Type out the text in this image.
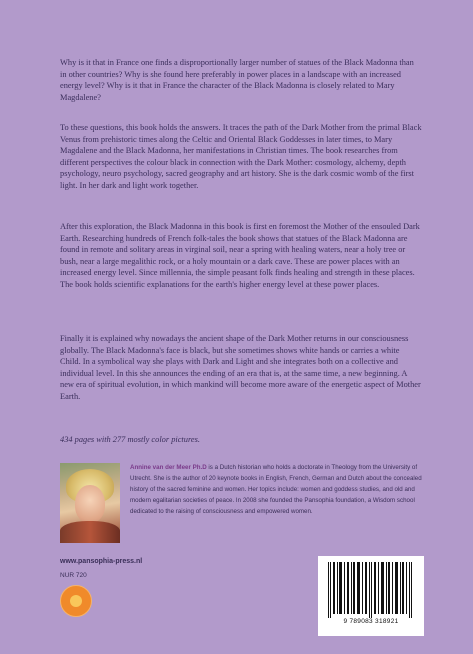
Why is it that in France one finds a disproportionally larger number of statues of the Black Madonna than in other countries? Why is she found here preferably in power places in a landscape with an increased energy level? Why is it that in France the character of the Black Madonna is closely related to Mary Magdalene?

To these questions, this book holds the answers. It traces the path of the Dark Mother from the primal Black Venus from prehistoric times along the Celtic and Oriental Black Goddesses in later times, to Mary Magdalene and the Black Madonna, her manifestations in Christian times. The book researches from different perspectives the colour black in connection with the Dark Mother: cosmology, alchemy, depth psychology, neuro psychology, sacred geography and art history. She is the dark cosmic womb of the first light. In her dark and light work together.

After this exploration, the Black Madonna in this book is first en foremost the Mother of the ensouled Dark Earth. Researching hundreds of French folk-tales the book shows that statues of the Black Madonna are found in remote and solitary areas in virginal soil, near a spring with healing waters, near a holy tree or bush, near a large megalithic rock, or a holy mountain or a dark cave. These are power places with an increased energy level. Since millennia, the simple peasant folk finds healing and strength in these places. The book holds scientific explanations for the earth's higher energy level at these power places.

Finally it is explained why nowadays the ancient shape of the Dark Mother returns in our consciousness globally. The Black Madonna's face is black, but she sometimes shows white hands or carries a white Child. In a symbolical way she plays with Dark and Light and she integrates both on a collective and individual level. In this she announces the ending of an era that is, at the same time, a new beginning. A new era of spiritual evolution, in which mankind will become more aware of the energetic aspect of Mother Earth.

434 pages with 277 mostly color pictures.

Annine van der Meer Ph.D is a Dutch historian who holds a doctorate in Theology from the University of Utrecht. She is the author of 20 keynote books in English, French, German and Dutch about the concealed history of the sacred feminine and women. Her topics include: women and goddess studies, and old and modern egalitarian societies of peace. In 2008 she founded the Pansophia foundation, a Wisdom school dedicated to the raising of consciousness and empowered women.
www.pansophia-press.nl
NUR 720
9 789083 318921
